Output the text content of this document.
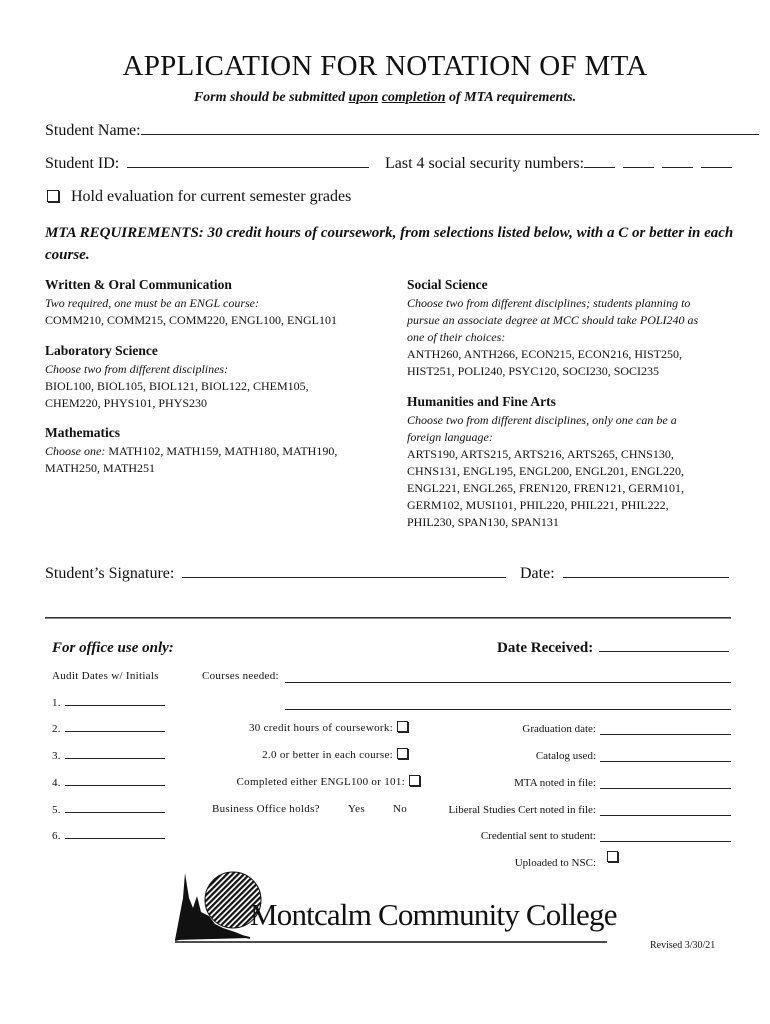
APPLICATION FOR NOTATION OF MTA
Form should be submitted upon completion of MTA requirements.
Student Name:
Student ID:	Last 4 social security numbers:
Hold evaluation for current semester grades
MTA REQUIREMENTS: 30 credit hours of coursework, from selections listed below, with a C or better in each course.
Written & Oral Communication
Two required, one must be an ENGL course:
COMM210, COMM215, COMM220, ENGL100, ENGL101
Laboratory Science
Choose two from different disciplines:
BIOL100, BIOL105, BIOL121, BIOL122, CHEM105,
CHEM220, PHYS101, PHYS230
Mathematics
Choose one: MATH102, MATH159, MATH180, MATH190,
MATH250, MATH251
Social Science
Choose two from different disciplines; students planning to
pursue an associate degree at MCC should take POLI240 as
one of their choices:
ANTH260, ANTH266, ECON215, ECON216, HIST250,
HIST251, POLI240, PSYC120, SOCI230, SOCI235
Humanities and Fine Arts
Choose two from different disciplines, only one can be a
foreign language:
ARTS190, ARTS215, ARTS216, ARTS265, CHNS130,
CHNS131, ENGL195, ENGL200, ENGL201, ENGL220,
ENGL221, ENGL265, FREN120, FREN121, GERM101,
GERM102, MUSI101, PHIL220, PHIL221, PHIL222,
PHIL230, SPAN130, SPAN131
Student’s Signature:	Date:
For office use only:	Date Received:
Audit Dates w/ Initials	Courses needed:
1.
2.
3.
4.
5.
6.
30 credit hours of coursework:
2.0 or better in each course:
Completed either ENGL100 or 101:
Business Office holds?	Yes	No
Graduation date:
Catalog used:
MTA noted in file:
Liberal Studies Cert noted in file:
Credential sent to student:
Uploaded to NSC:
Montcalm Community College
Revised 3/30/21
